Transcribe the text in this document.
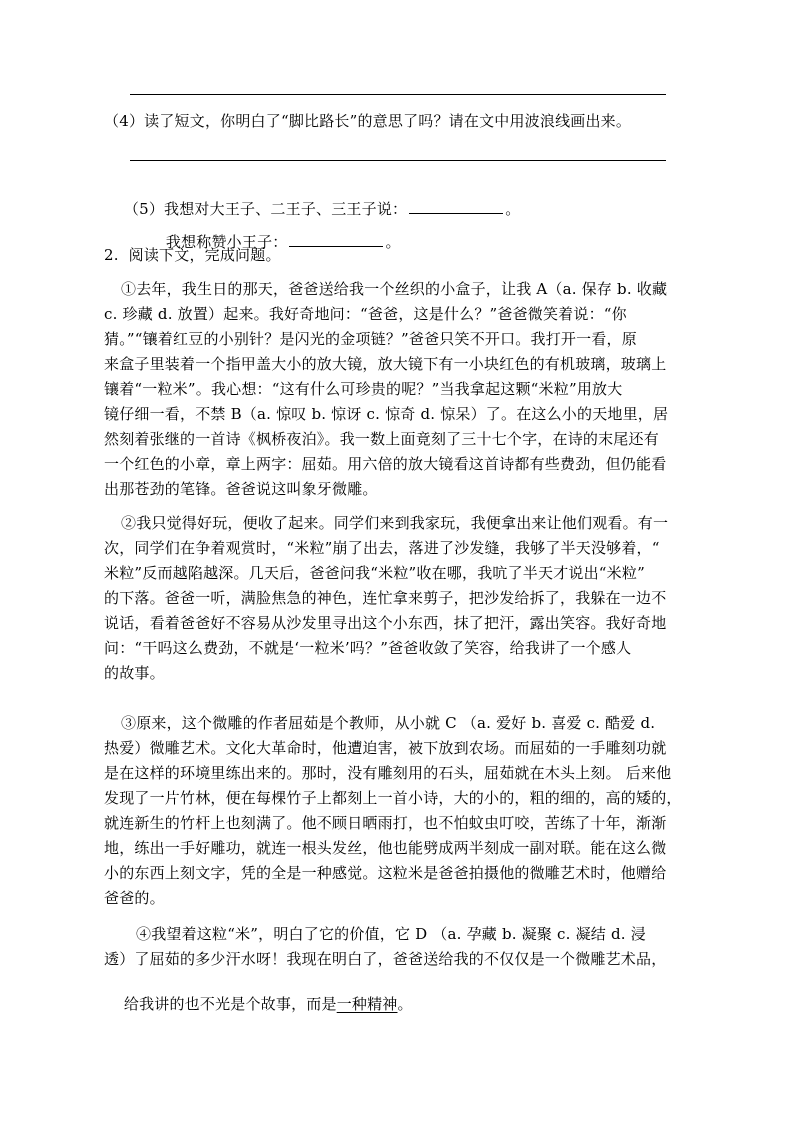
（4）读了短文，你明白了“脚比路长”的意思了吗？请在文中用波浪线画出来。

（5）我想对大王子、二王子、三王子说：	。

我想称赞小王子：	。

2.  阅读下文，完成问题。
①去年，我生日的那天，爸爸送给我一个丝织的小盒子，让我 A（a. 保存 b. 收藏
c. 珍藏 d. 放置）起来。我好奇地问：“爸爸，这是什么？”爸爸微笑着说：“你
猜。”“镶着红豆的小别针？是闪光的金项链？”爸爸只笑不开口。我打开一看，原
来盒子里装着一个指甲盖大小的放大镜，放大镜下有一小块红色的有机玻璃，玻璃上
镶着“一粒米”。我心想：“这有什么可珍贵的呢？”当我拿起这颗“米粒”用放大
镜仔细一看，不禁 B（a. 惊叹 b. 惊讶 c. 惊奇 d. 惊呆）了。在这么小的天地里，居
然刻着张继的一首诗《枫桥夜泊》。我一数上面竟刻了三十七个字，在诗的末尾还有
一个红色的小章，章上两字：屈茹。用六倍的放大镜看这首诗都有些费劲，但仍能看
出那苍劲的笔锋。爸爸说这叫象牙微雕。
②我只觉得好玩，便收了起来。同学们来到我家玩，我便拿出来让他们观看。有一
次，同学们在争着观赏时，“米粒”崩了出去，落进了沙发缝，我够了半天没够着，“
米粒”反而越陷越深。几天后，爸爸问我“米粒”收在哪，我吭了半天才说出“米粒”
的下落。爸爸一听，满脸焦急的神色，连忙拿来剪子，把沙发给拆了，我躲在一边不
说话，看着爸爸好不容易从沙发里寻出这个小东西，抹了把汗，露出笑容。我好奇地
问：“干吗这么费劲，不就是‘一粒米’吗？”爸爸收敛了笑容，给我讲了一个感人
的故事。
③原来，这个微雕的作者屈茹是个教师，从小就 C （a. 爱好 b. 喜爱 c. 酷爱 d.
热爱）微雕艺术。文化大革命时，他遭迫害，被下放到农场。而屈茹的一手雕刻功就
是在这样的环境里练出来的。那时，没有雕刻用的石头，屈茹就在木头上刻。 后来他
发现了一片竹林，便在每棵竹子上都刻上一首小诗，大的小的，粗的细的，高的矮的，
就连新生的竹杆上也刻满了。他不顾日晒雨打，也不怕蚊虫叮咬，苦练了十年，渐渐
地，练出一手好雕功，就连一根头发丝，他也能劈成两半刻成一副对联。能在这么微
小的东西上刻文字，凭的全是一种感觉。这粒米是爸爸拍摄他的微雕艺术时，他赠给
爸爸的。
④我望着这粒“米”，明白了它的价值，它 D （a. 孕藏 b. 凝聚 c. 凝结 d. 浸
透）了屈茹的多少汗水呀！我现在明白了，爸爸送给我的不仅仅是一个微雕艺术品，

给我讲的也不光是个故事，而是一种精神。
